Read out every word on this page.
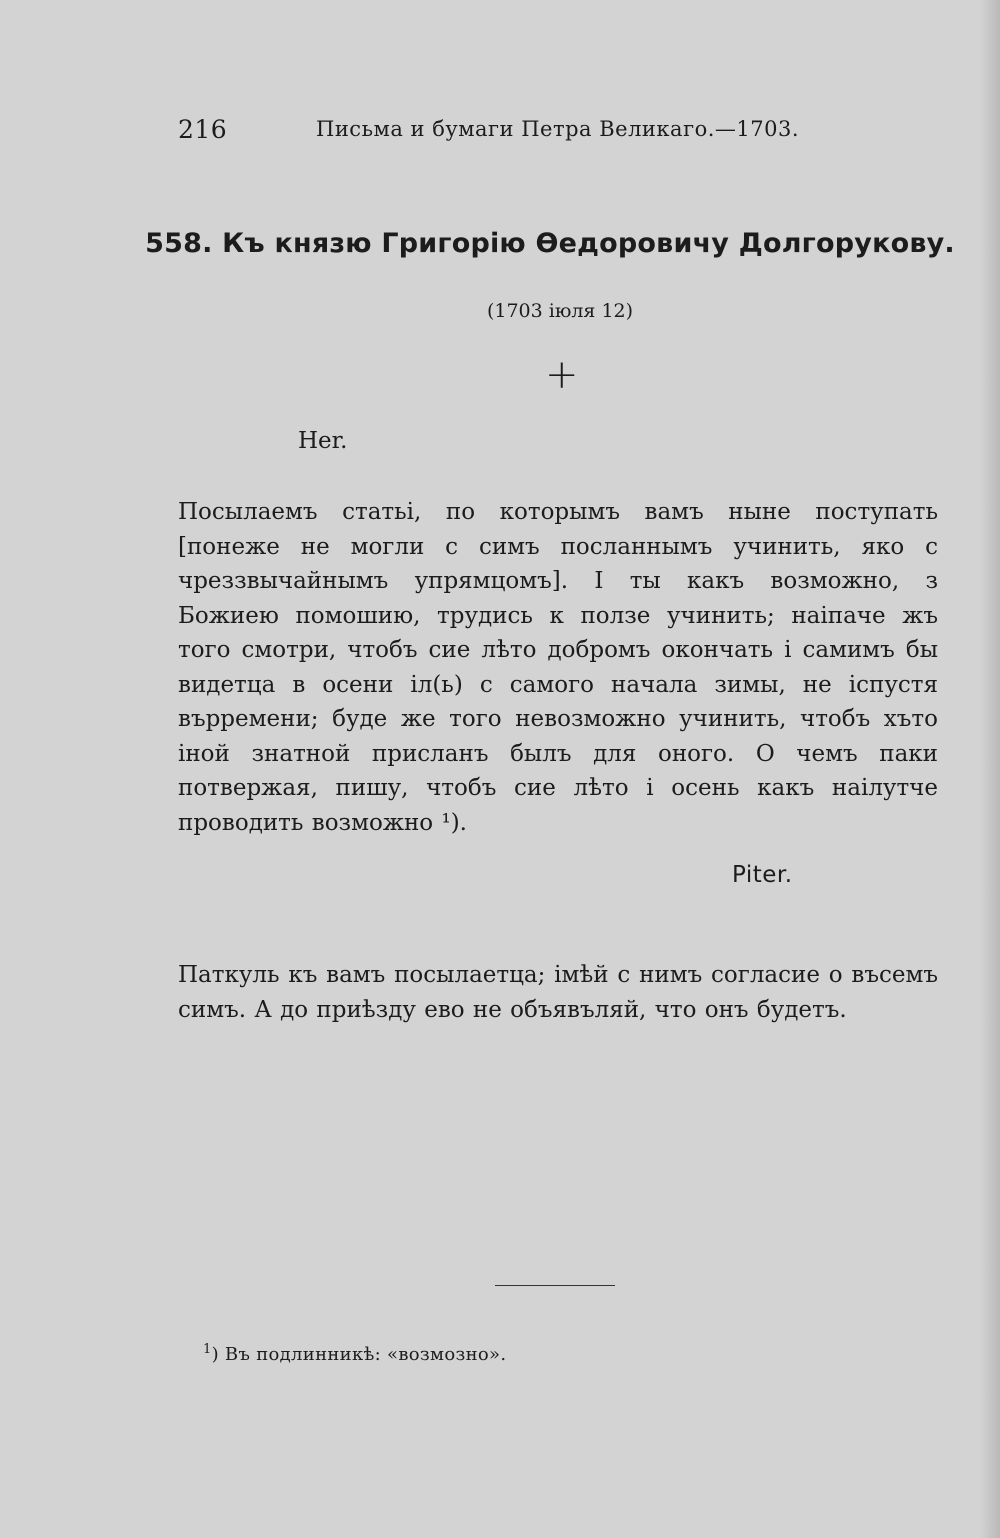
216	Письма и бумаги Петра Великаго.—1703.
558. Къ князю Григорію Ѳедоровичу Долгорукову.
(1703 іюля 12)
+
Her.
Посылаемъ статьі, по которымъ вамъ ныне поступать [понеже не могли с симъ посланнымъ учинить, яко с чреззвычайнымъ упрямцомъ]. І ты какъ возможно, з Божиею помошию, трудись к ползе учинить; наіпаче жъ того смотри, чтобъ сие лѣто добромъ окончать і самимъ бы видетца в осени іл(ь) с самого начала зимы, не іспустя върремени; буде же того невозможно учинить, чтобъ хъто іной знатной присланъ былъ для оного. О чемъ паки потвержая, пишу, чтобъ сие лѣто і осень какъ наілутче проводить возможно ¹).
Piter.
Паткуль къ вамъ посылаетца; імѣй с нимъ согласие о въсемъ симъ. А до приѣзду ево не объявъляй, что онъ будетъ.
$^1$) Въ подлинникѣ: «возмозно».
